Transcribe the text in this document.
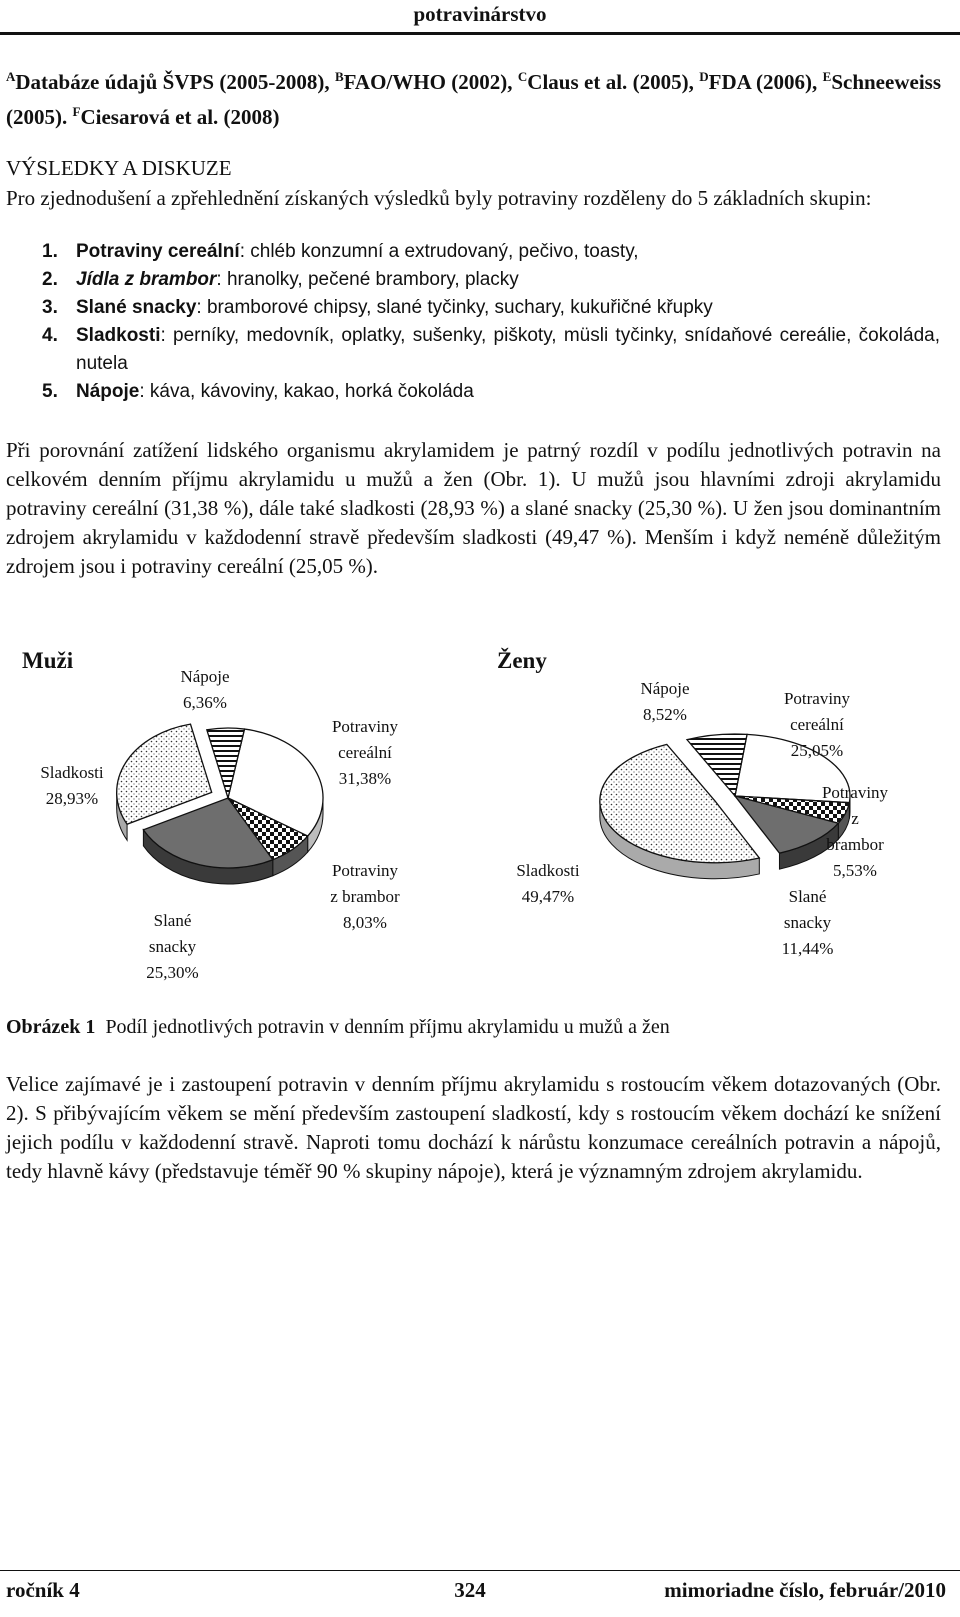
potravinárstvo
$^A$Databáze údajů ŠVPS (2005-2008), $^B$FAO/WHO (2002), $^C$Claus et al. (2005), $^D$FDA (2006), $^E$Schneeweiss (2005). $^F$Ciesarová et al. (2008)
VÝSLEDKY A DISKUZE
Pro zjednodušení a zpřehlednění získaných výsledků byly potraviny rozděleny do 5 základních skupin:
1. Potraviny cereální: chléb konzumní a extrudovaný, pečivo, toasty,
2. Jídla z brambor: hranolky, pečené brambory, placky
3. Slané snacky: bramborové chipsy, slané tyčinky, suchary, kukuřičné křupky
4. Sladkosti: perníky, medovník, oplatky, sušenky, piškoty, müsli tyčinky, snídaňové cereálie, čokoláda, nutela
5. Nápoje: káva, kávoviny, kakao, horká čokoláda
Při porovnání zatížení lidského organismu akrylamidem je patrný rozdíl v podílu jednotlivých potravin na celkovém denním příjmu akrylamidu u mužů a žen (Obr. 1). U mužů jsou hlavními zdroji akrylamidu potraviny cereální (31,38 %), dále také sladkosti (28,93 %) a slané snacky (25,30 %). U žen jsou dominantním zdrojem akrylamidu v každodenní stravě především sladkosti (49,47 %). Menším i když neméně důležitým zdrojem jsou i potraviny cereální (25,05 %).
Muži
Nápoje
6,36%
Potraviny
cereální
31,38%
Sladkosti
28,93%
Potraviny
z brambor
8,03%
Slané
snacky
25,30%
Ženy
Nápoje
8,52%
Potraviny
cereální
25,05%
Potraviny
z
brambor
5,53%
Sladkosti
49,47%	Slané
snacky
11,44%
Obrázek 1 Podíl jednotlivých potravin v denním příjmu akrylamidu u mužů a žen
Velice zajímavé je i zastoupení potravin v denním příjmu akrylamidu s rostoucím věkem dotazovaných (Obr. 2). S přibývajícím věkem se mění především zastoupení sladkostí, kdy s rostoucím věkem dochází ke snížení jejich podílu v každodenní stravě. Naproti tomu dochází k nárůstu konzumace cereálních potravin a nápojů, tedy hlavně kávy (představuje téměř 90 % skupiny nápoje), která je významným zdrojem akrylamidu.
ročník 4	324	mimoriadne číslo, február/2010
